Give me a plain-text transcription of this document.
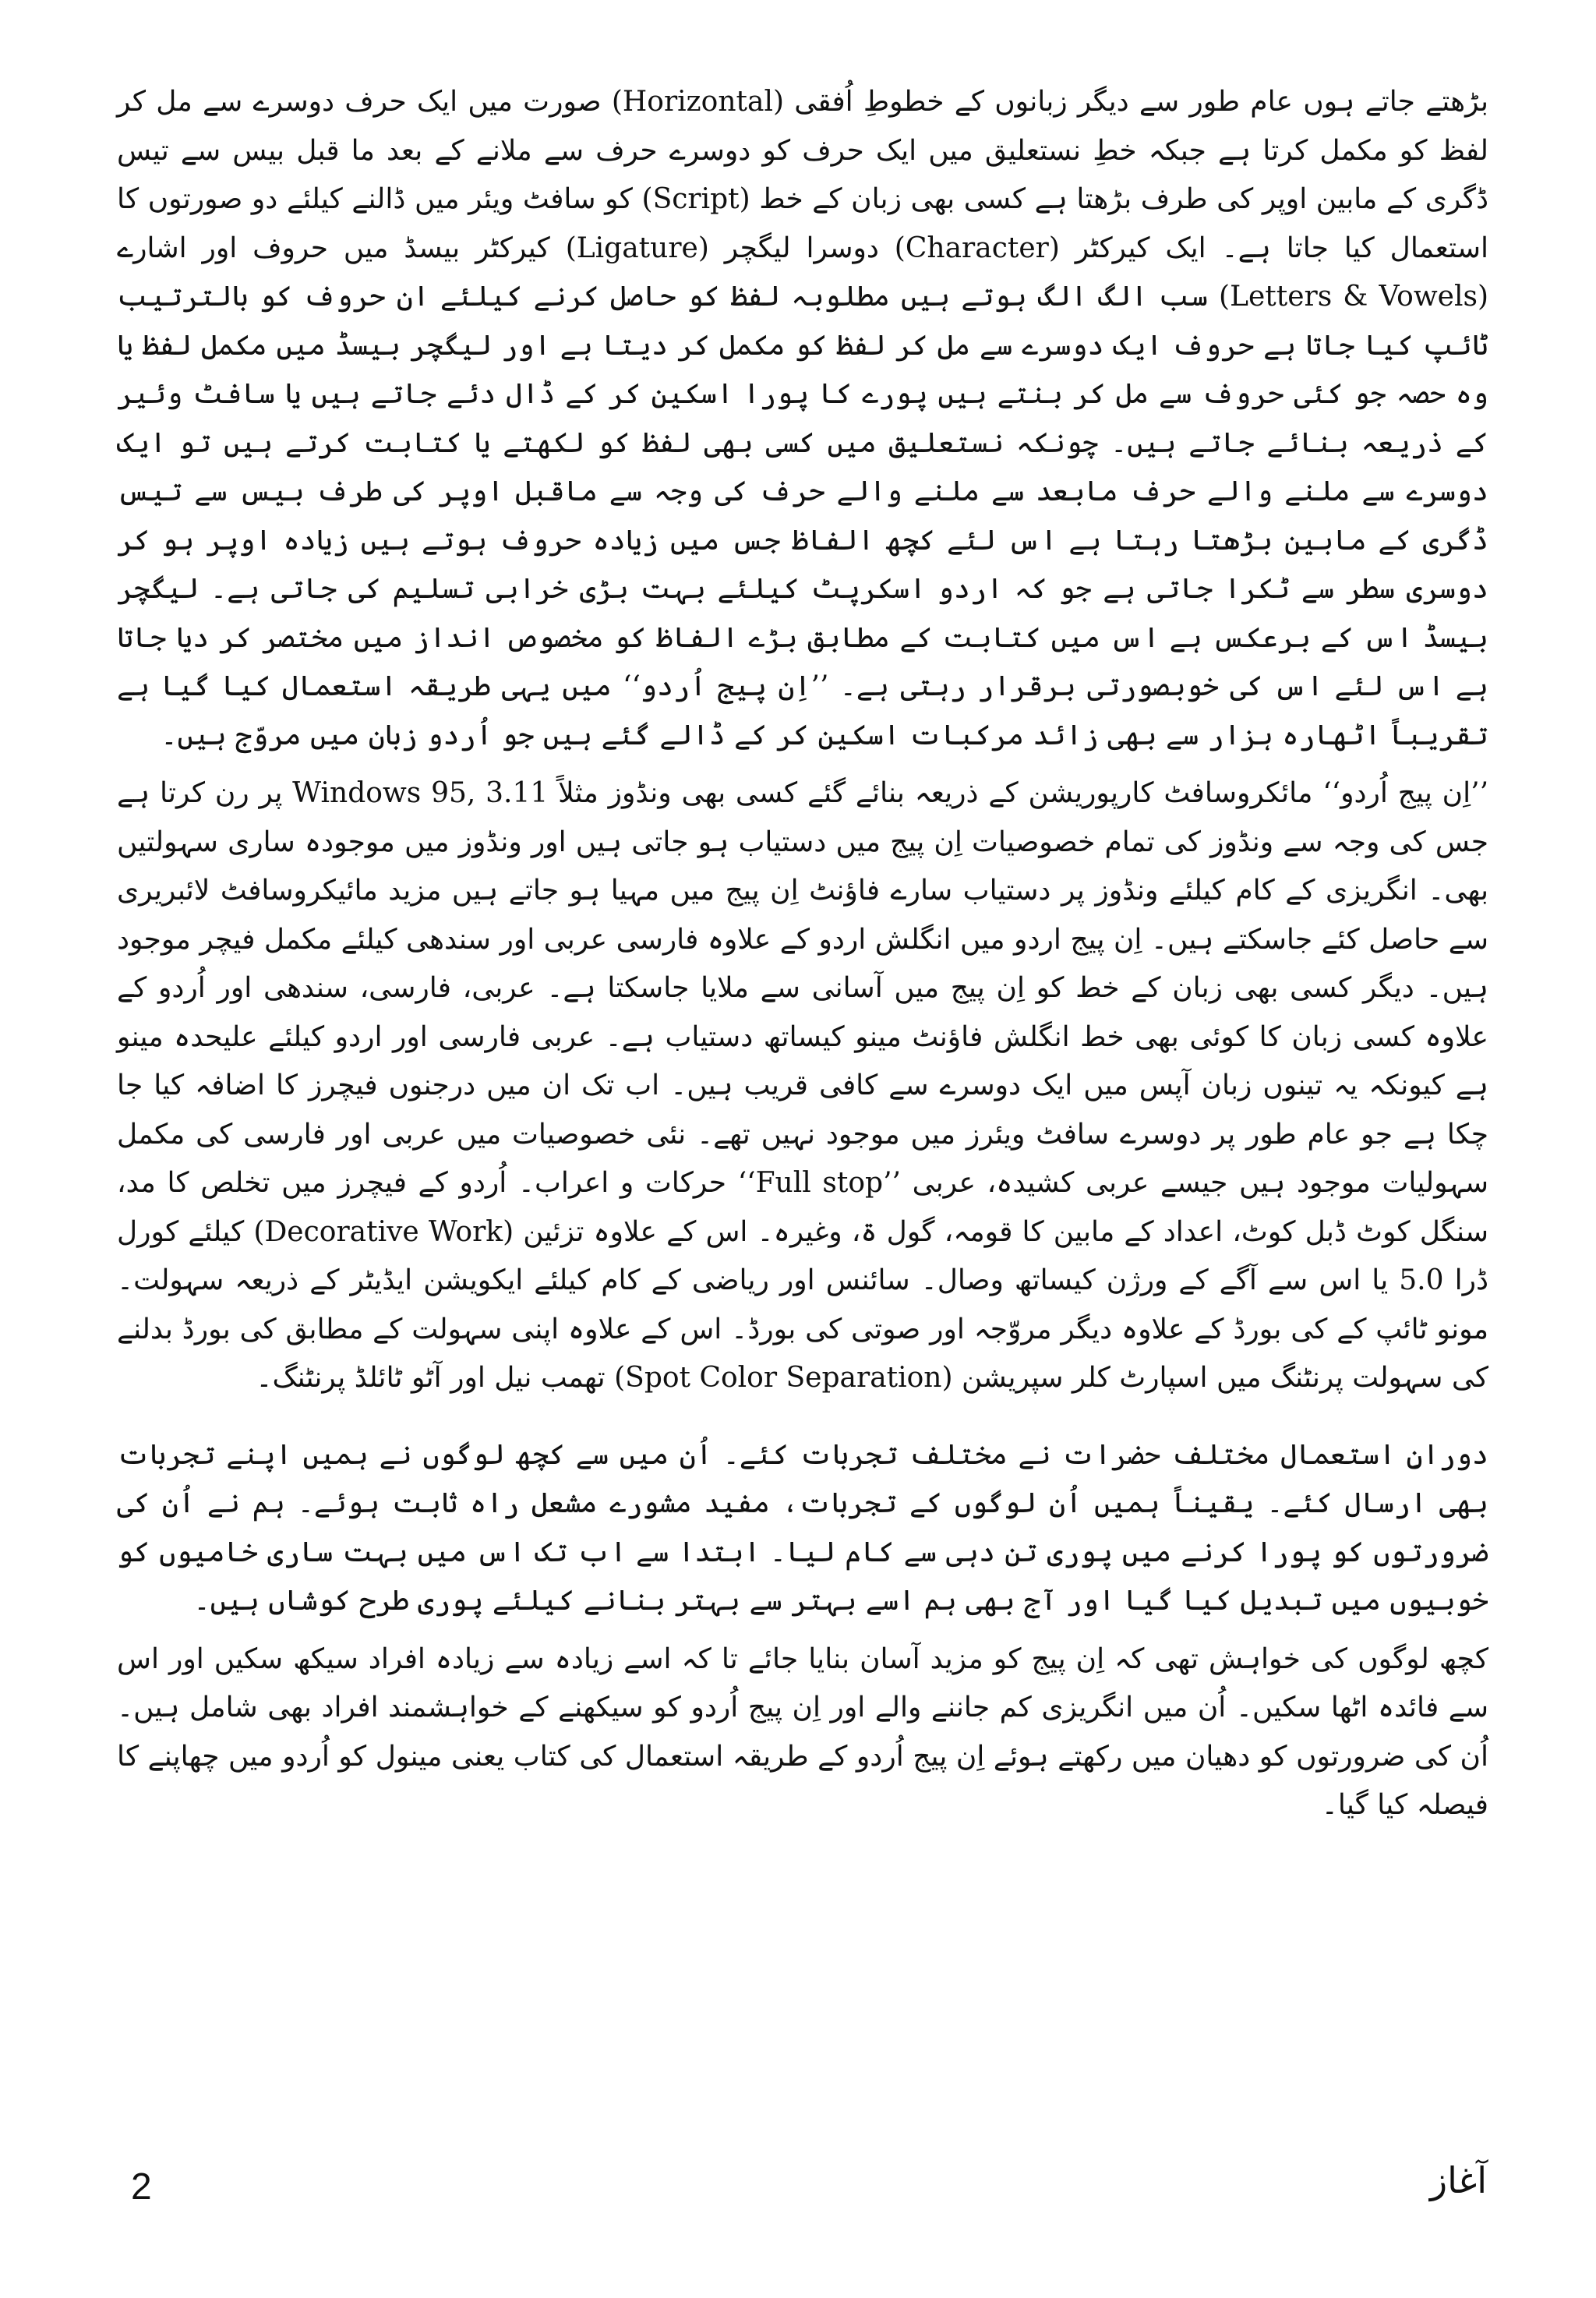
بڑھتے جاتے ہوں عام طور سے دیگر زبانوں کے خطوطِ اُفقی (Horizontal) صورت میں ایک حرف دوسرے سے مل کر لفظ کو مکمل کرتا ہے جبکہ خطِ نستعلیق میں ایک حرف کو دوسرے حرف سے ملانے کے بعد ما قبل بیس سے تیس ڈگری کے مابین اوپر کی طرف بڑھتا ہے کسی بھی زبان کے خط (Script) کو سافٹ ویئر میں ڈالنے کیلئے دو صورتوں کا استعمال کیا جاتا ہے۔ ایک کیرکٹر (Character) دوسرا لیگچر (Ligature) کیرکٹر بیسڈ میں حروف اور اشارے (Letters & Vowels) سب الگ الگ ہوتے ہیں مطلوبہ لفظ کو حاصل کرنے کیلئے ان حروف کو بالترتیب ٹائپ کیا جاتا ہے حروف ایک دوسرے سے مل کر لفظ کو مکمل کر دیتا ہے اور لیگچر بیسڈ میں مکمل لفظ یا وہ حصہ جو کئی حروف سے مل کر بنتے ہیں پورے کا پورا اسکین کر کے ڈال دئے جاتے ہیں یا سافٹ وئیر کے ذریعہ بنائے جاتے ہیں۔ چونکہ نستعلیق میں کسی بھی لفظ کو لکھتے یا کتابت کرتے ہیں تو ایک دوسرے سے ملنے والے حرف مابعد سے ملنے والے حرف کی وجہ سے ماقبل اوپر کی طرف بیس سے تیس ڈگری کے مابین بڑھتا رہتا ہے اس لئے کچھ الفاظ جس میں زیادہ حروف ہوتے ہیں زیادہ اوپر ہو کر دوسری سطر سے ٹکرا جاتی ہے جو کہ اردو اسکرپٹ کیلئے بہت بڑی خرابی تسلیم کی جاتی ہے۔ لیگچر بیسڈ اس کے برعکس ہے اس میں کتابت کے مطابق بڑے الفاظ کو مخصوص انداز میں مختصر کر دیا جاتا ہے اس لئے اس کی خوبصورتی برقرار رہتی ہے۔ ’’اِن پیج اُردو‘‘ میں یہی طریقہ استعمال کیا گیا ہے تقریباً اٹھارہ ہزار سے بھی زائد مرکبات اسکین کر کے ڈالے گئے ہیں جو اُردو زبان میں مروّج ہیں۔

’’اِن پیج اُردو‘‘ مائکروسافٹ کارپوریشن کے ذریعہ بنائے گئے کسی بھی ونڈوز مثلاً Windows 95, 3.11 پر رن کرتا ہے جس کی وجہ سے ونڈوز کی تمام خصوصیات اِن پیج میں دستیاب ہو جاتی ہیں اور ونڈوز میں موجودہ ساری سہولتیں بھی۔ انگریزی کے کام کیلئے ونڈوز پر دستیاب سارے فاؤنٹ اِن پیج میں مہیا ہو جاتے ہیں مزید مائیکروسافٹ لائبریری سے حاصل کئے جاسکتے ہیں۔ اِن پیج اردو میں انگلش اردو کے علاوہ فارسی عربی اور سندھی کیلئے مکمل فیچر موجود ہیں۔ دیگر کسی بھی زبان کے خط کو اِن پیج میں آسانی سے ملایا جاسکتا ہے۔ عربی، فارسی، سندھی اور اُردو کے علاوہ کسی زبان کا کوئی بھی خط انگلش فاؤنٹ مینو کیساتھ دستیاب ہے۔ عربی فارسی اور اردو کیلئے علیحدہ مینو ہے کیونکہ یہ تینوں زبان آپس میں ایک دوسرے سے کافی قریب ہیں۔ اب تک ان میں درجنوں فیچرز کا اضافہ کیا جا چکا ہے جو عام طور پر دوسرے سافٹ ویئرز میں موجود نہیں تھے۔ نئی خصوصیات میں عربی اور فارسی کی مکمل سہولیات موجود ہیں جیسے عربی کشیدہ، عربی ’’Full stop‘‘ حرکات و اعراب۔ اُردو کے فیچرز میں تخلص کا مد، سنگل کوٹ ڈبل کوٹ، اعداد کے مابین کا قومہ، گول ۃ، وغیرہ۔ اس کے علاوہ تزئین (Decorative Work) کیلئے کورل ڈرا 5.0 یا اس سے آگے کے ورژن کیساتھ وصال۔ سائنس اور ریاضی کے کام کیلئے ایکویشن ایڈیٹر کے ذریعہ سہولت۔ مونو ٹائپ کے کی بورڈ کے علاوہ دیگر مروّجہ اور صوتی کی بورڈ۔ اس کے علاوہ اپنی سہولت کے مطابق کی بورڈ بدلنے کی سہولت پرنٹنگ میں اسپارٹ کلر سپریشن (Spot Color Separation) تھمب نیل اور آٹو ٹائلڈ پرنٹنگ۔

دورانِ استعمال مختلف حضرات نے مختلف تجربات کئے۔ اُن میں سے کچھ لوگوں نے ہمیں اپنے تجربات بھی ارسال کئے۔ یقیناً ہمیں اُن لوگوں کے تجربات، مفید مشورے مشعل راہ ثابت ہوئے۔ ہم نے اُن کی ضرورتوں کو پورا کرنے میں پوری تن دہی سے کام لیا۔ ابتدا سے اب تک اس میں بہت ساری خامیوں کو خوبیوں میں تبدیل کیا گیا اور آج بھی ہم اسے بہتر سے بہتر بنانے کیلئے پوری طرح کوشاں ہیں۔

کچھ لوگوں کی خواہش تھی کہ اِن پیج کو مزید آسان بنایا جائے تا کہ اسے زیادہ سے زیادہ افراد سیکھ سکیں اور اس سے فائدہ اٹھا سکیں۔ اُن میں انگریزی کم جاننے والے اور اِن پیج اُردو کو سیکھنے کے خواہشمند افراد بھی شامل ہیں۔ اُن کی ضرورتوں کو دھیان میں رکھتے ہوئے اِن پیج اُردو کے طریقہ استعمال کی کتاب یعنی مینول کو اُردو میں چھاپنے کا فیصلہ کیا گیا۔

2	آغاز
